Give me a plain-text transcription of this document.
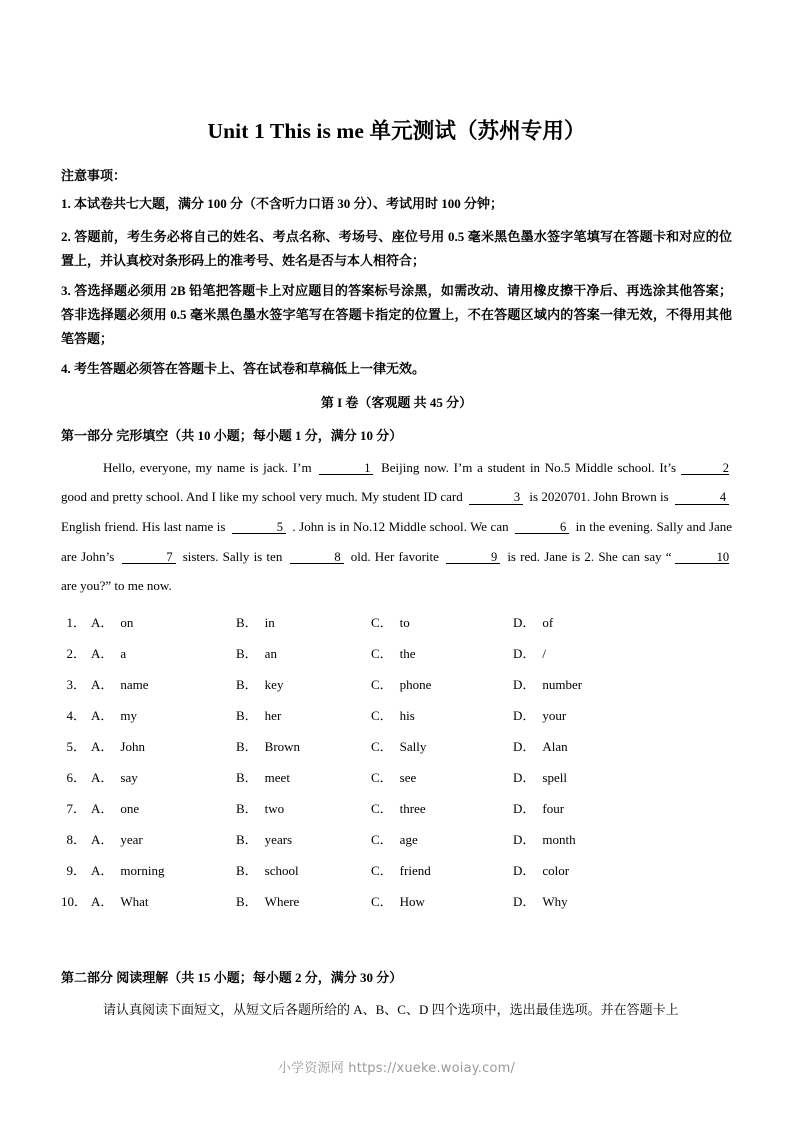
Unit 1 This is me 单元测试（苏州专用）
注意事项：
1. 本试卷共七大题，满分 100 分（不含听力口语 30 分）、考试用时 100 分钟；
2. 答题前，考生务必将自己的姓名、考点名称、考场号、座位号用 0.5 毫米黑色墨水签字笔填写在答题卡和对应的位置上，并认真校对条形码上的准考号、姓名是否与本人相符合；
3. 答选择题必须用 2B 铅笔把答题卡上对应题目的答案标号涂黑，如需改动、请用橡皮擦干净后、再选涂其他答案；答非选择题必须用 0.5 毫米黑色墨水签字笔写在答题卡指定的位置上，不在答题区域内的答案一律无效，不得用其他笔答题；
4. 考生答题必须答在答题卡上、答在试卷和草稿低上一律无效。
第 I 卷（客观题 共 45 分）
第一部分 完形填空（共 10 小题；每小题 1 分，满分 10 分）

Hello, everyone, my name is jack. I’m	1 Beijing now. I’m a student in No.5 Middle school. It’s	2 good and pretty school. And I like my school very much. My student ID card	3 is 2020701. John Brown is	4 English friend. His last name is	5 . John is in No.12 Middle school. We can	6 in the evening. Sally and Jane are John’s	7 sisters. Sally is ten	8 old. Her favorite	9 is red. Jane is 2. She can say “	10 are you?” to me now.

1． A． on	B． in	C． to	D． of
2． A． a	B． an	C． the	D． /
3． A． name	B． key	C． phone	D． number
4． A． my	B． her	C． his	D． your
5． A． John	B． Brown	C． Sally	D． Alan
6． A． say	B． meet	C． see	D． spell
7． A． one	B． two	C． three	D． four
8． A． year	B． years	C． age	D． month
9． A． morning	B． school	C． friend	D． color
10． A． What	B． Where	C． How	D． Why
第二部分 阅读理解（共 15 小题；每小题 2 分，满分 30 分）
请认真阅读下面短文，从短文后各题所给的 A、B、C、D 四个选项中，选出最佳选项。并在答题卡上
小学资源网 https://xueke.woiay.com/
